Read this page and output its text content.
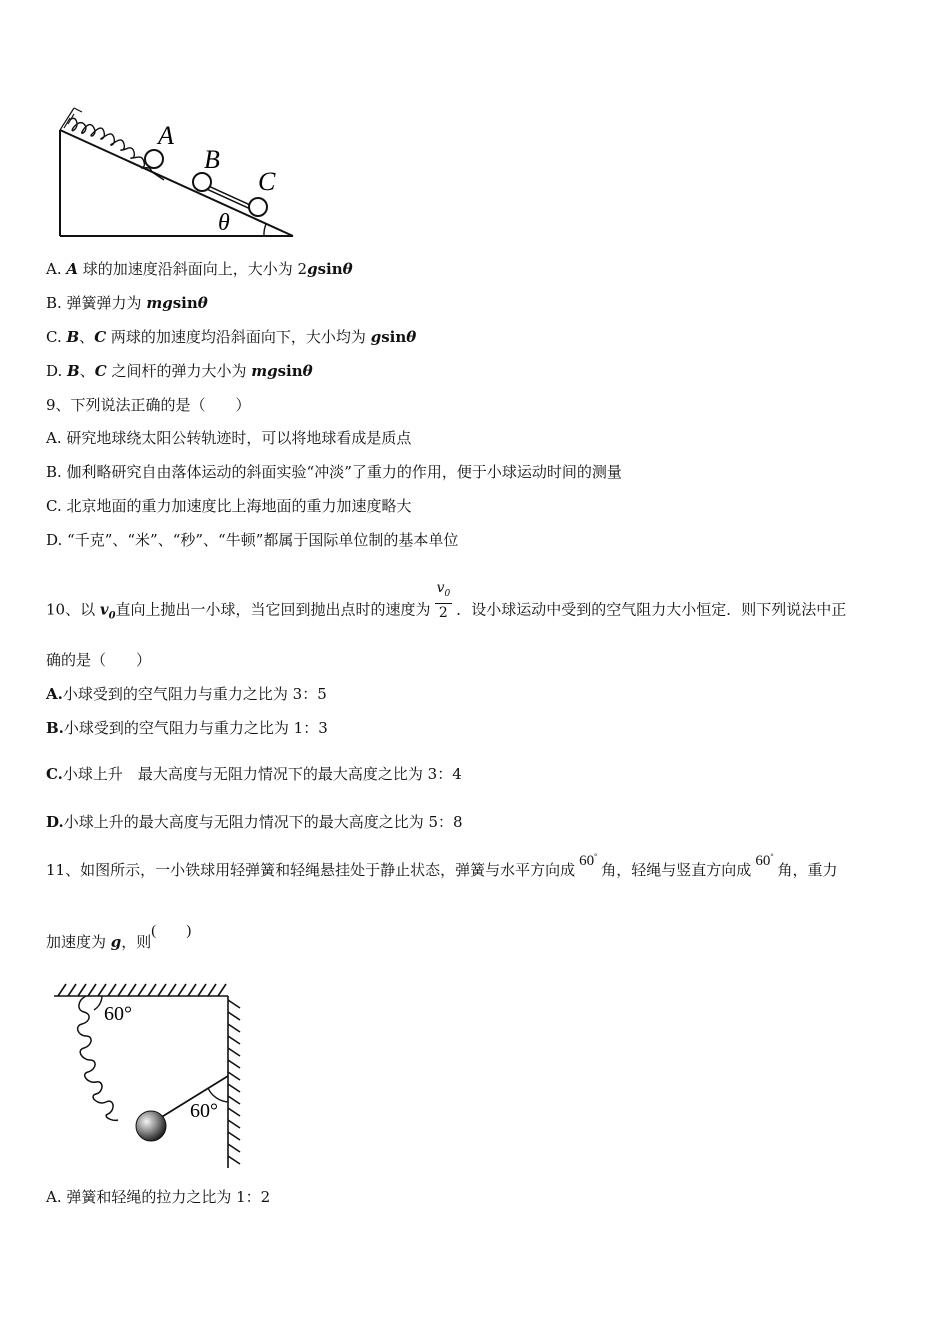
A
B
C
θ
A. A 球的加速度沿斜面向上，大小为 2gsinθ
B. 弹簧弹力为 mgsinθ
C. B、C 两球的加速度均沿斜面向下，大小均为 gsinθ
D. B、C 之间杆的弹力大小为 mgsinθ
9、下列说法正确的是（　　）
A. 研究地球绕太阳公转轨迹时，可以将地球看成是质点
B. 伽利略研究自由落体运动的斜面实验“冲淡”了重力的作用，便于小球运动时间的测量
C. 北京地面的重力加速度比上海地面的重力加速度略大
D. “千克”、“米”、“秒”、“牛顿”都属于国际单位制的基本单位
10、以 $v_0$直向上抛出一小球，当它回到抛出点时的速度为 $\frac{v_0}{2}$ ．设小球运动中受到的空气阻力大小恒定．则下列说法中正
确的是（　　）
A.小球受到的空气阻力与重力之比为 3：5
B.小球受到的空气阻力与重力之比为 1：3
C.小球上升　最大高度与无阻力情况下的最大高度之比为 3：4
D.小球上升的最大高度与无阻力情况下的最大高度之比为 5：8
11、如图所示，一小铁球用轻弹簧和轻绳悬挂处于静止状态，弹簧与水平方向成 60°角，轻绳与竖直方向成 60°角，重力
加速度为 g，则(　　)
60°
60°
A. 弹簧和轻绳的拉力之比为 1：2
